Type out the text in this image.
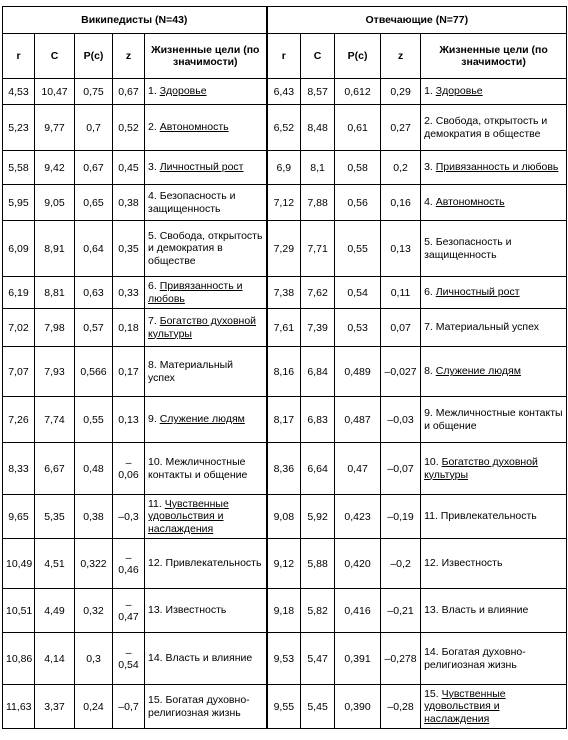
Википедисты (N=43)					Отвечающие (N=77)				
r	C	P(c)	z	Жизненные цели (по значимости)	r	C	P(c)	z	Жизненные цели (по значимости)
4,53	10,47	0,75	0,67	1. Здоровье	6,43	8,57	0,612	0,29	1. Здоровье
5,23	9,77	0,7	0,52	2. Автономность	6,52	8,48	0,61	0,27	2. Свобода, открытость и демократия в обществе
5,58	9,42	0,67	0,45	3. Личностный рост	6,9	8,1	0,58	0,2	3. Привязанность и любовь
5,95	9,05	0,65	0,38	4. Безопасность и защищенность	7,12	7,88	0,56	0,16	4. Автономность
6,09	8,91	0,64	0,35	5. Свобода, открытость и демократия в обществе	7,29	7,71	0,55	0,13	5. Безопасность и защищенность
6,19	8,81	0,63	0,33	6. Привязанность и любовь	7,38	7,62	0,54	0,11	6. Личностный рост
7,02	7,98	0,57	0,18	7. Богатство духовной культуры	7,61	7,39	0,53	0,07	7. Материальный успех
7,07	7,93	0,566	0,17	8. Материальный успех	8,16	6,84	0,489	–0,027	8. Служение людям
7,26	7,74	0,55	0,13	9. Служение людям	8,17	6,83	0,487	–0,03	9. Межличностные контакты и общение
8,33	6,67	0,48	–0,06	10. Межличностные контакты и общение	8,36	6,64	0,47	–0,07	10. Богатство духовной культуры
9,65	5,35	0,38	–0,3	11. Чувственные удовольствия и наслаждения	9,08	5,92	0,423	–0,19	11. Привлекательность
10,49	4,51	0,322	–0,46	12. Привлекательность	9,12	5,88	0,420	–0,2	12. Известность
10,51	4,49	0,32	–0,47	13. Известность	9,18	5,82	0,416	–0,21	13. Власть и влияние
10,86	4,14	0,3	–0,54	14. Власть и влияние	9,53	5,47	0,391	–0,278	14. Богатая духовно-религиозная жизнь
11,63	3,37	0,24	–0,7	15. Богатая духовно-религиозная жизнь	9,55	5,45	0,390	–0,28	15. Чувственные удовольствия и наслаждения
